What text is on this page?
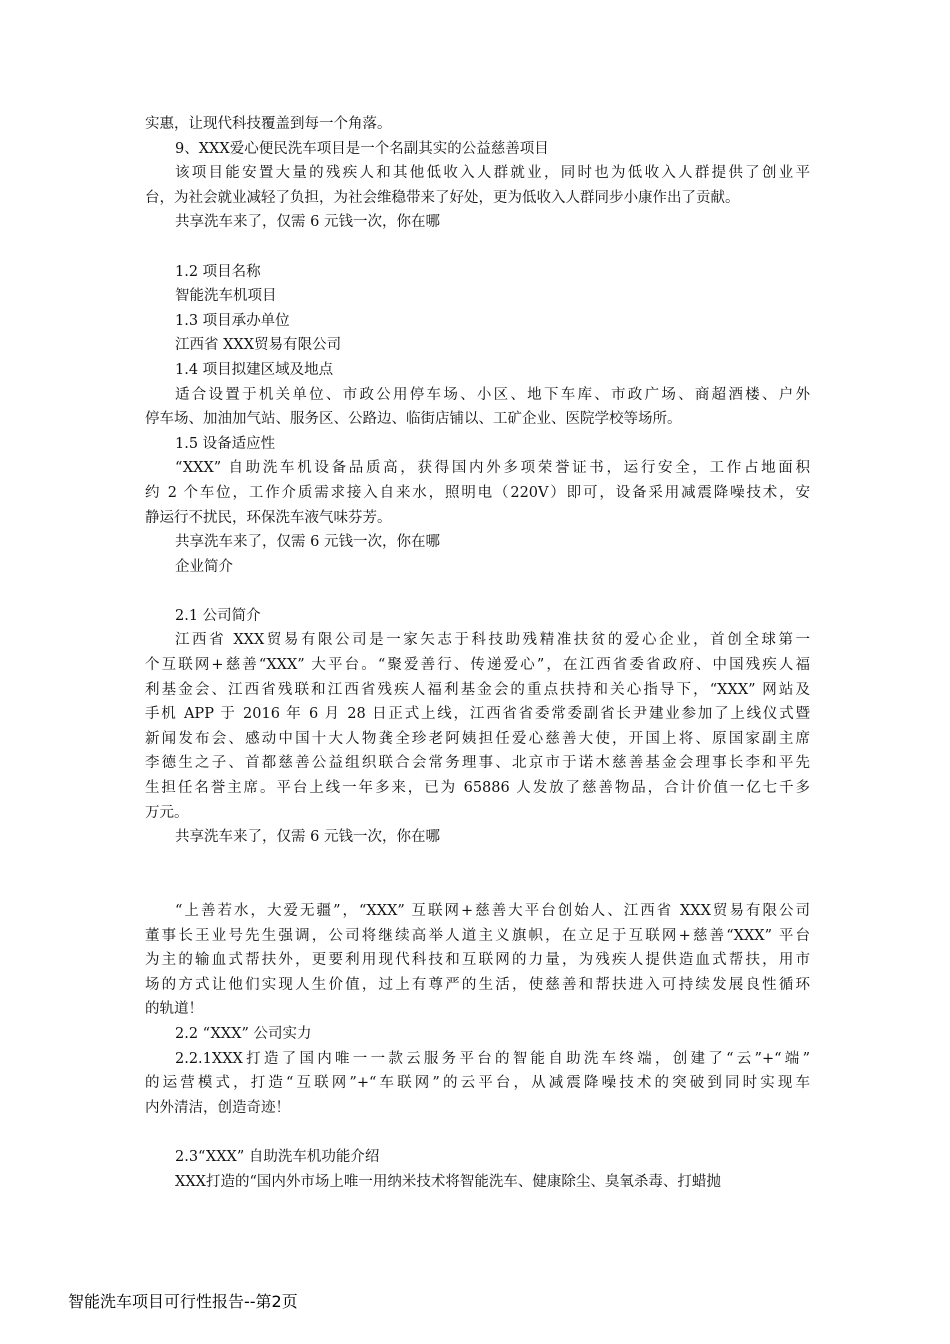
实惠，让现代科技覆盖到每一个角落。
9、XXX爱心便民洗车项目是一个名副其实的公益慈善项目
该项目能安置大量的残疾人和其他低收入人群就业，同时也为低收入人群提供了创业平
台，为社会就业减轻了负担，为社会维稳带来了好处，更为低收入人群同步小康作出了贡献。
共享洗车来了，仅需 6 元钱一次，你在哪
1.2 项目名称
智能洗车机项目
1.3 项目承办单位
江西省 XXX贸易有限公司
1.4 项目拟建区域及地点
适合设置于机关单位、市政公用停车场、小区、地下车库、市政广场、商超酒楼、户外
停车场、加油加气站、服务区、公路边、临街店铺以、工矿企业、医院学校等场所。
1.5 设备适应性
“XXX” 自助洗车机设备品质高，获得国内外多项荣誉证书，运行安全，工作占地面积
约 2 个车位，工作介质需求接入自来水，照明电（220V）即可，设备采用减震降噪技术，安
静运行不扰民，环保洗车液气味芬芳。
共享洗车来了，仅需 6 元钱一次，你在哪
企业简介
2.1 公司简介
江西省 XXX贸易有限公司是一家矢志于科技助残精准扶贫的爱心企业，首创全球第一
个互联网+慈善“XXX” 大平台。“聚爱善行、传递爱心”，在江西省委省政府、中国残疾人福
利基金会、江西省残联和江西省残疾人福利基金会的重点扶持和关心指导下，“XXX” 网站及
手机 APP 于 2016 年 6 月 28 日正式上线，江西省省委常委副省长尹建业参加了上线仪式暨
新闻发布会、感动中国十大人物龚全珍老阿姨担任爱心慈善大使，开国上将、原国家副主席
李德生之子、首都慈善公益组织联合会常务理事、北京市于诺木慈善基金会理事长李和平先
生担任名誉主席。平台上线一年多来，已为 65886 人发放了慈善物品，合计价值一亿七千多
万元。
共享洗车来了，仅需 6 元钱一次，你在哪
“上善若水，大爱无疆”，“XXX” 互联网+慈善大平台创始人、江西省 XXX贸易有限公司
董事长王业号先生强调，公司将继续高举人道主义旗帜，在立足于互联网+慈善“XXX” 平台
为主的输血式帮扶外，更要利用现代科技和互联网的力量，为残疾人提供造血式帮扶，用市
场的方式让他们实现人生价值，过上有尊严的生活，使慈善和帮扶进入可持续发展良性循环
的轨道！
2.2 “XXX” 公司实力
2.2.1XXX打造了国内唯一一款云服务平台的智能自助洗车终端，创建了“云”+“端”
的运营模式，打造“互联网”+“车联网”的云平台，从减震降噪技术的突破到同时实现车
内外清洁，创造奇迹！
2.3“XXX” 自助洗车机功能介绍
XXX打造的“国内外市场上唯一用纳米技术将智能洗车、健康除尘、臭氧杀毒、打蜡抛
智能洗车项目可行性报告--第2页
